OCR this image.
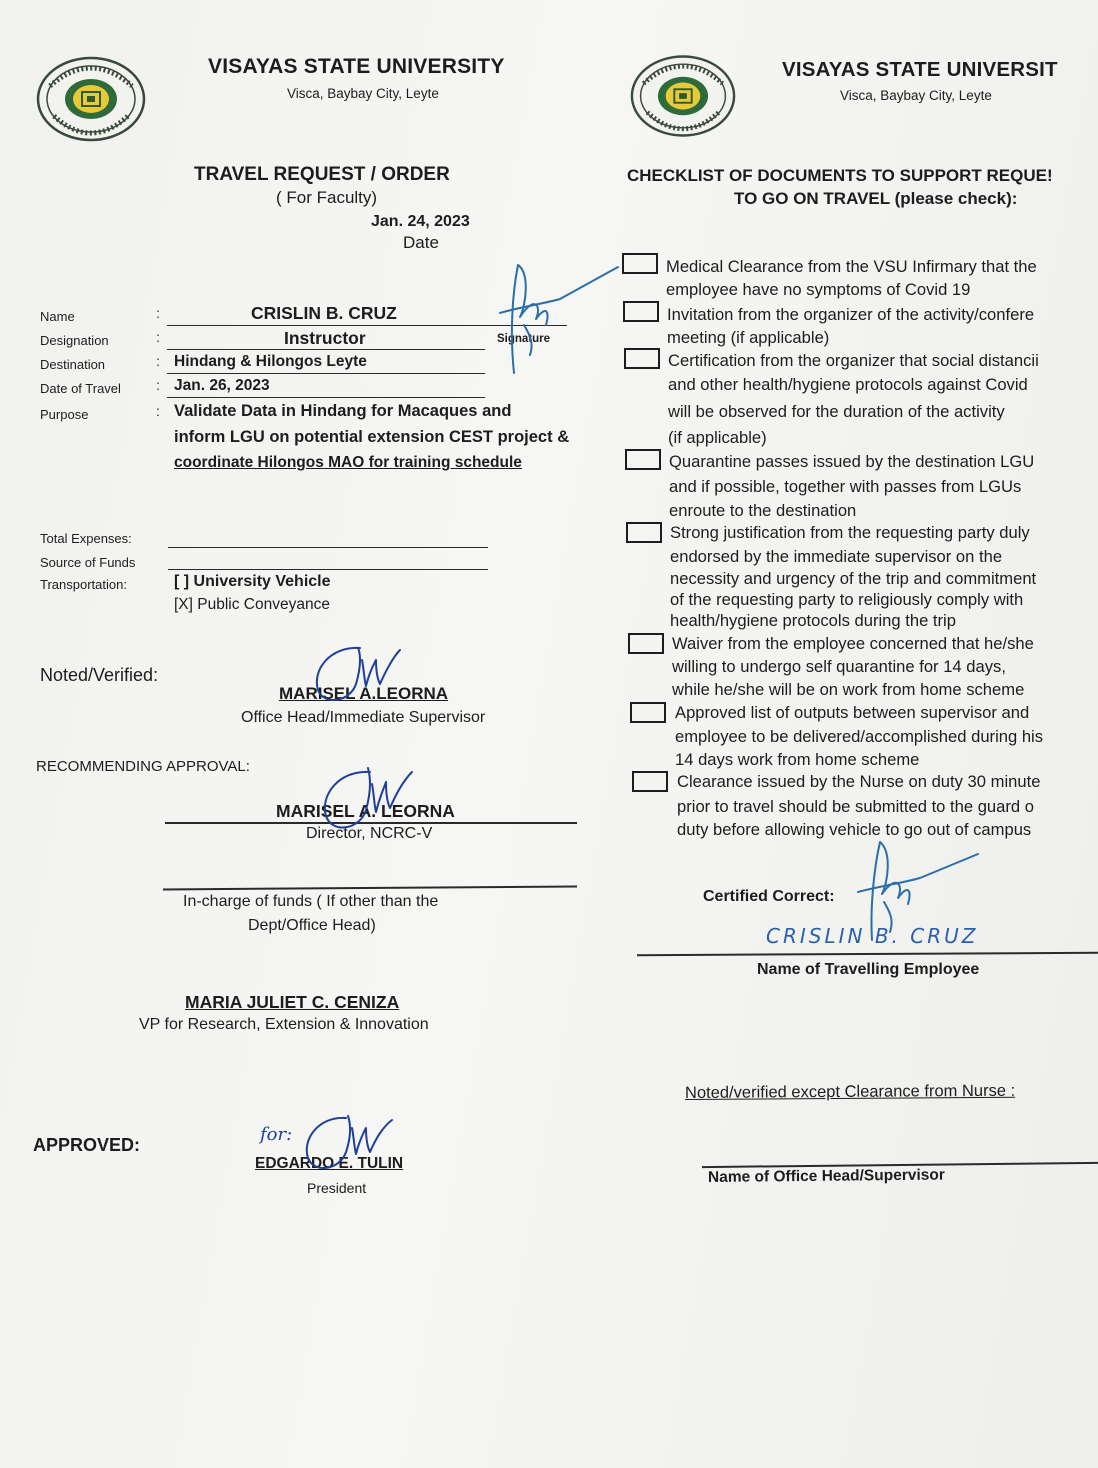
VISAYAS STATE UNIVERSITY
Visca, Baybay City, Leyte
TRAVEL REQUEST / ORDER
( For Faculty)
Jan. 24, 2023
Date
Name	:	CRISLIN B. CRUZ
Signature
Designation	:	Instructor
Destination	: Hindang & Hilongos Leyte
Date of Travel	: Jan. 26, 2023
Purpose	: Validate Data in Hindang for Macaques and
inform LGU on potential extension CEST project &
coordinate Hilongos MAO for training schedule
Total Expenses:
Source of Funds
Transportation:	[ ] University Vehicle
[X] Public Conveyance
Noted/Verified:
MARISEL A.LEORNA
Office Head/Immediate Supervisor
RECOMMENDING APPROVAL:
MARISEL A. LEORNA
Director, NCRC-V
In-charge of funds ( If other than the
Dept/Office Head)
MARIA JULIET C. CENIZA
VP for Research, Extension & Innovation
APPROVED:	for:
EDGARDO E. TULIN
President
VISAYAS STATE UNIVERSIT
Visca, Baybay City, Leyte
CHECKLIST OF DOCUMENTS TO SUPPORT REQUE!
TO GO ON TRAVEL (please check):
Medical Clearance from the VSU Infirmary that the
employee have no symptoms of Covid 19
Invitation from the organizer of the activity/confere
meeting (if applicable)
Certification from the organizer that social distancii
and other health/hygiene protocols against Covid
will be observed for the duration of the activity
(if applicable)
Quarantine passes issued by the destination LGU
and if possible, together with passes from LGUs
enroute to the destination
Strong justification from the requesting party duly
endorsed by the immediate supervisor on the
necessity and urgency of the trip and commitment
of the requesting party to religiously comply with
health/hygiene protocols during the trip
Waiver from the employee concerned that he/she
willing to undergo self quarantine for 14 days,
while he/she will be on work from home scheme
Approved list of outputs between supervisor and
employee to be delivered/accomplished during his
14 days work from home scheme
Clearance issued by the Nurse on duty 30 minute
prior to travel should be submitted to the guard o
duty before allowing vehicle to go out of campus
Certified Correct:
CRISLIN B. CRUZ
Name of Travelling Employee
Noted/verified except Clearance from Nurse :
Name of Office Head/Supervisor
